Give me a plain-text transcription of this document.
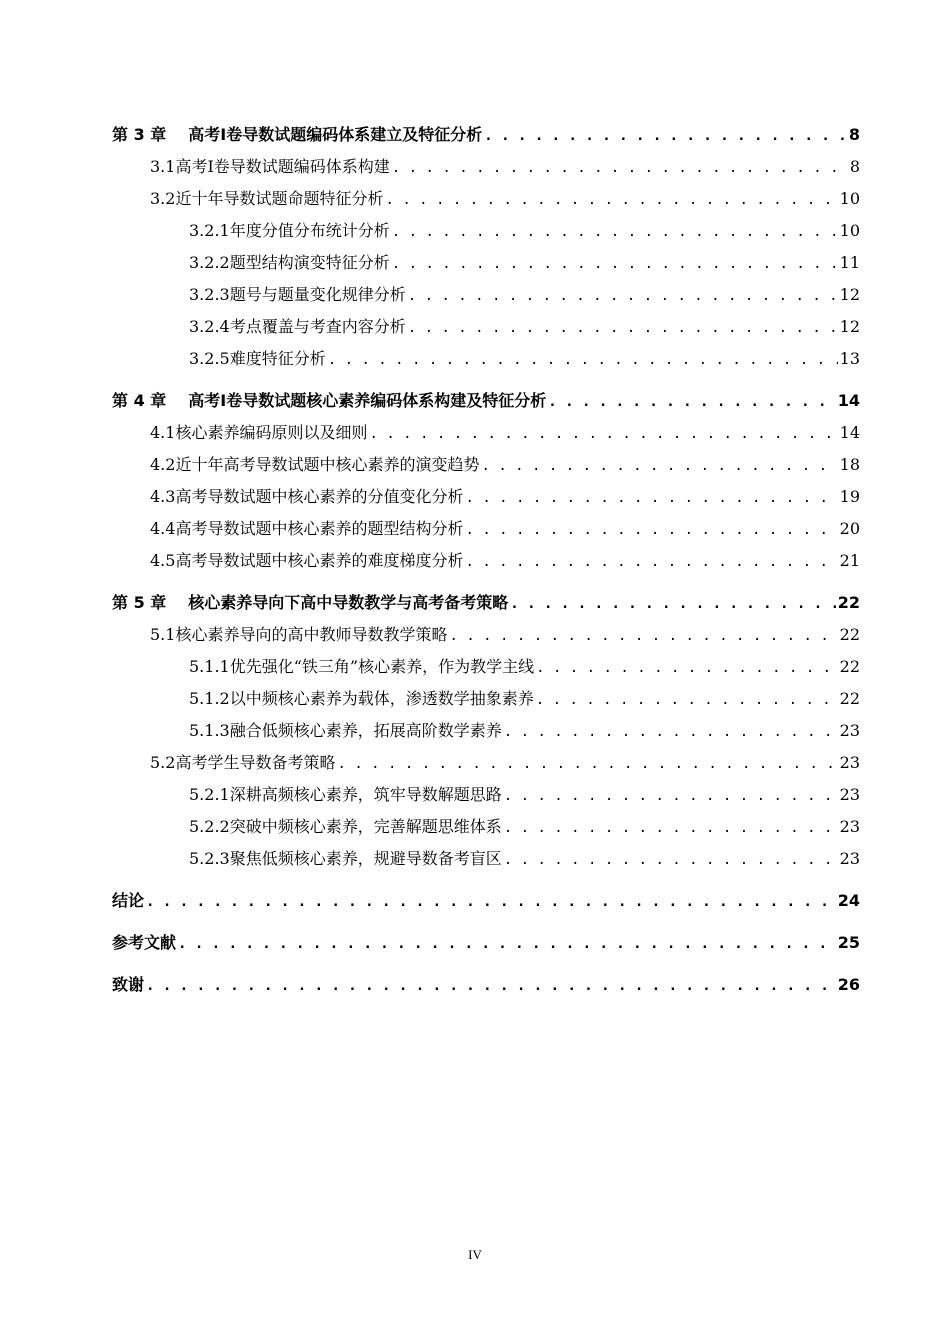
第 3 章 高考Ⅰ卷导数试题编码体系建立及特征分析 . . .	8
3.1 高考Ⅰ卷导数试题编码体系构建 . . .	8
3.2 近十年导数试题命题特征分析 . . .	10
3.2.1 年度分值分布统计分析 . . .	10
3.2.2 题型结构演变特征分析 . . .	11
3.2.3 题号与题量变化规律分析 . . .	12
3.2.4 考点覆盖与考查内容分析 . . .	12
3.2.5 难度特征分析 . . .	13
第 4 章 高考Ⅰ卷导数试题核心素养编码体系构建及特征分析 . . .	14
4.1 核心素养编码原则以及细则 . . .	14
4.2 近十年高考导数试题中核心素养的演变趋势 . . .	18
4.3 高考导数试题中核心素养的分值变化分析 . . .	19
4.4 高考导数试题中核心素养的题型结构分析 . . .	20
4.5 高考导数试题中核心素养的难度梯度分析 . . .	21
第 5 章 核心素养导向下高中导数教学与高考备考策略 . . .	22
5.1 核心素养导向的高中教师导数教学策略 . . .	22
5.1.1 优先强化“铁三角”核心素养，作为教学主线 . . .	22
5.1.2 以中频核心素养为载体，渗透数学抽象素养 . . .	22
5.1.3 融合低频核心素养，拓展高阶数学素养 . . .	23
5.2 高考学生导数备考策略 . . .	23
5.2.1 深耕高频核心素养，筑牢导数解题思路 . . .	23
5.2.2 突破中频核心素养，完善解题思维体系 . . .	23
5.2.3 聚焦低频核心素养，规避导数备考盲区 . . .	23
结论 . . .	24
参考文献 . . .	25
致谢 . . .	26
IV
